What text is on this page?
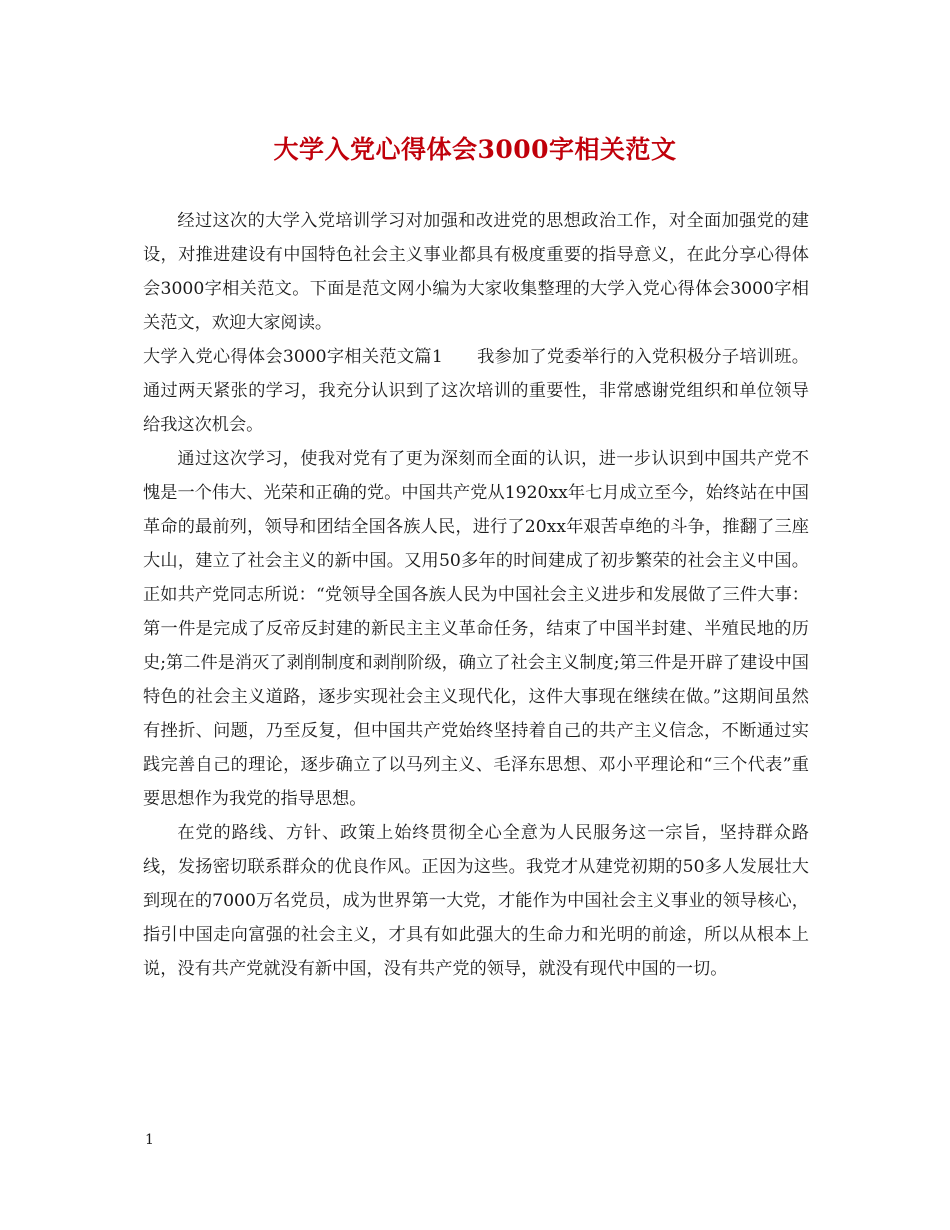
大学入党心得体会3000字相关范文

经过这次的大学入党培训学习对加强和改进党的思想政治工作，对全面加强党的建设，对推进建设有中国特色社会主义事业都具有极度重要的指导意义，在此分享心得体会3000字相关范文。下面是范文网小编为大家收集整理的大学入党心得体会3000字相关范文，欢迎大家阅读。

大学入党心得体会3000字相关范文篇1 我参加了党委举行的入党积极分子培训班。通过两天紧张的学习，我充分认识到了这次培训的重要性，非常感谢党组织和单位领导给我这次机会。

通过这次学习，使我对党有了更为深刻而全面的认识，进一步认识到中国共产党不愧是一个伟大、光荣和正确的党。中国共产党从1920xx年七月成立至今，始终站在中国革命的最前列，领导和团结全国各族人民，进行了20xx年艰苦卓绝的斗争，推翻了三座大山，建立了社会主义的新中国。又用50多年的时间建成了初步繁荣的社会主义中国。正如共产党同志所说：“党领导全国各族人民为中国社会主义进步和发展做了三件大事：第一件是完成了反帝反封建的新民主主义革命任务，结束了中国半封建、半殖民地的历史;第二件是消灭了剥削制度和剥削阶级，确立了社会主义制度;第三件是开辟了建设中国特色的社会主义道路，逐步实现社会主义现代化，这件大事现在继续在做。”这期间虽然有挫折、问题，乃至反复，但中国共产党始终坚持着自己的共产主义信念，不断通过实践完善自己的理论，逐步确立了以马列主义、毛泽东思想、邓小平理论和“三个代表”重要思想作为我党的指导思想。

在党的路线、方针、政策上始终贯彻全心全意为人民服务这一宗旨，坚持群众路线，发扬密切联系群众的优良作风。正因为这些。我党才从建党初期的50多人发展壮大到现在的7000万名党员，成为世界第一大党，才能作为中国社会主义事业的领导核心，指引中国走向富强的社会主义，才具有如此强大的生命力和光明的前途，所以从根本上说，没有共产党就没有新中国，没有共产党的领导，就没有现代中国的一切。

1
